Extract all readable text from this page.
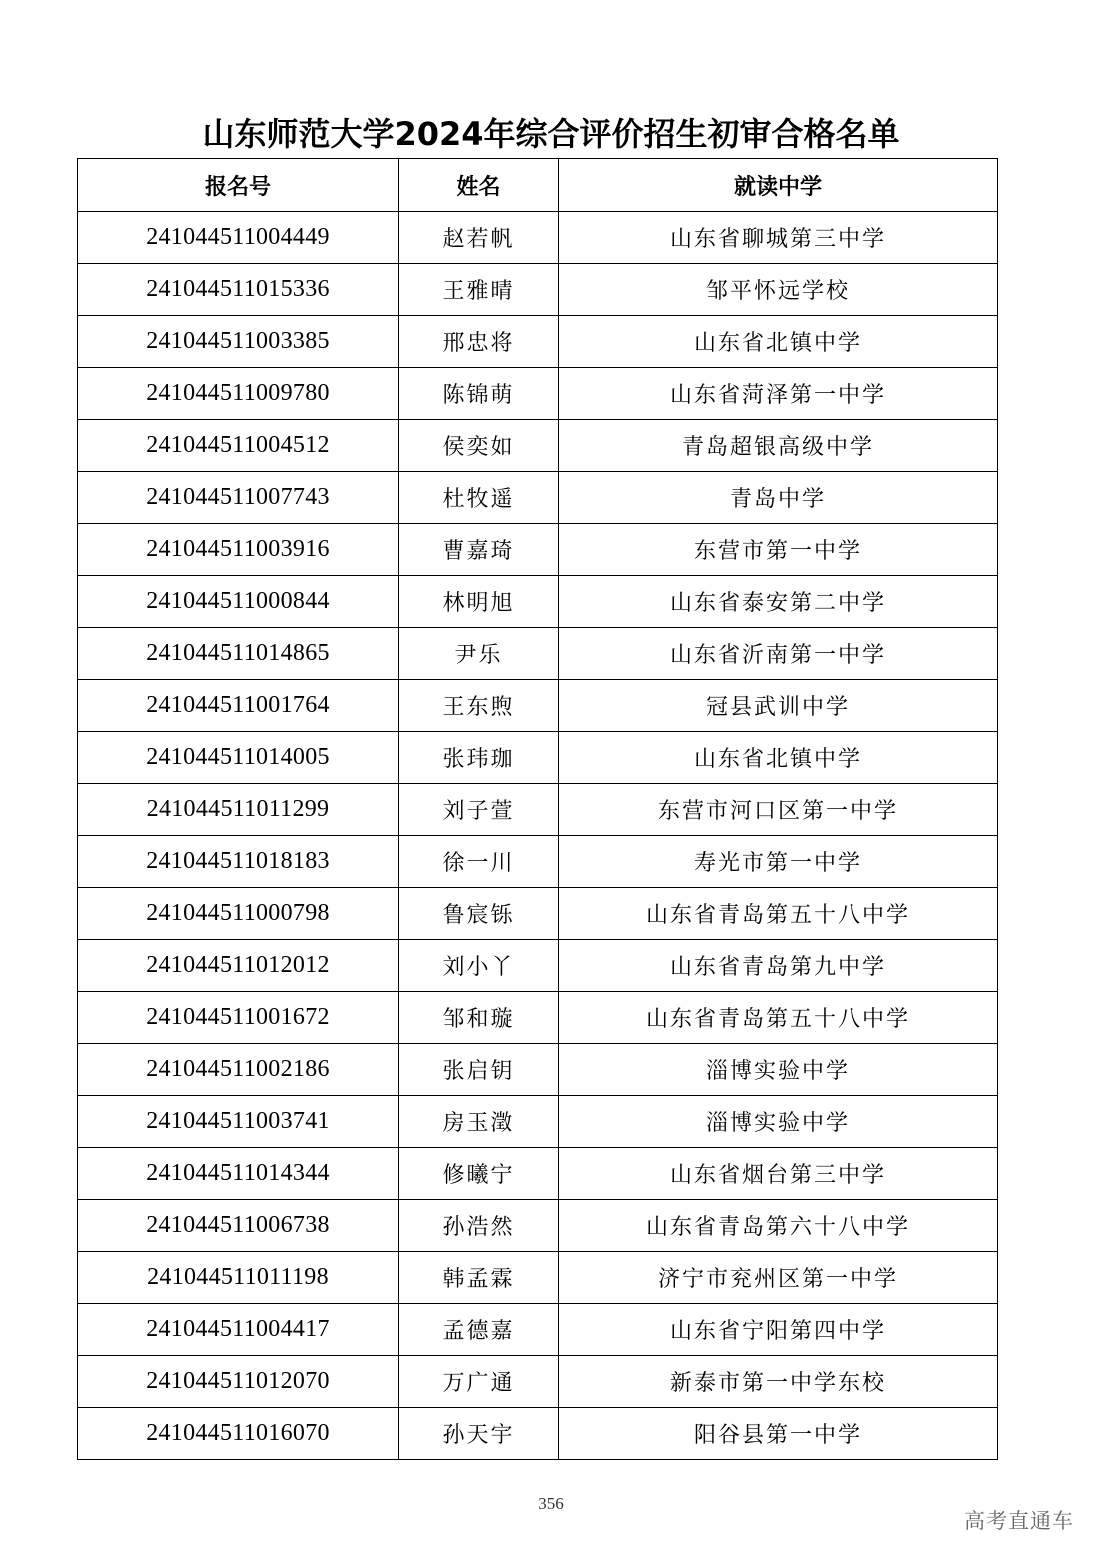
山东师范大学2024年综合评价招生初审合格名单
报名号	姓名	就读中学
241044511004449	赵若帆	山东省聊城第三中学
241044511015336	王雅晴	邹平怀远学校
241044511003385	邢忠将	山东省北镇中学
241044511009780	陈锦萌	山东省菏泽第一中学
241044511004512	侯奕如	青岛超银高级中学
241044511007743	杜牧遥	青岛中学
241044511003916	曹嘉琦	东营市第一中学
241044511000844	林明旭	山东省泰安第二中学
241044511014865	尹乐	山东省沂南第一中学
241044511001764	王东煦	冠县武训中学
241044511014005	张玮珈	山东省北镇中学
241044511011299	刘子萱	东营市河口区第一中学
241044511018183	徐一川	寿光市第一中学
241044511000798	鲁宸铄	山东省青岛第五十八中学
241044511012012	刘小丫	山东省青岛第九中学
241044511001672	邹和璇	山东省青岛第五十八中学
241044511002186	张启钥	淄博实验中学
241044511003741	房玉澂	淄博实验中学
241044511014344	修曦宁	山东省烟台第三中学
241044511006738	孙浩然	山东省青岛第六十八中学
241044511011198	韩孟霖	济宁市兖州区第一中学
241044511004417	孟德嘉	山东省宁阳第四中学
241044511012070	万广通	新泰市第一中学东校
241044511016070	孙天宇	阳谷县第一中学
356
高考直通车
